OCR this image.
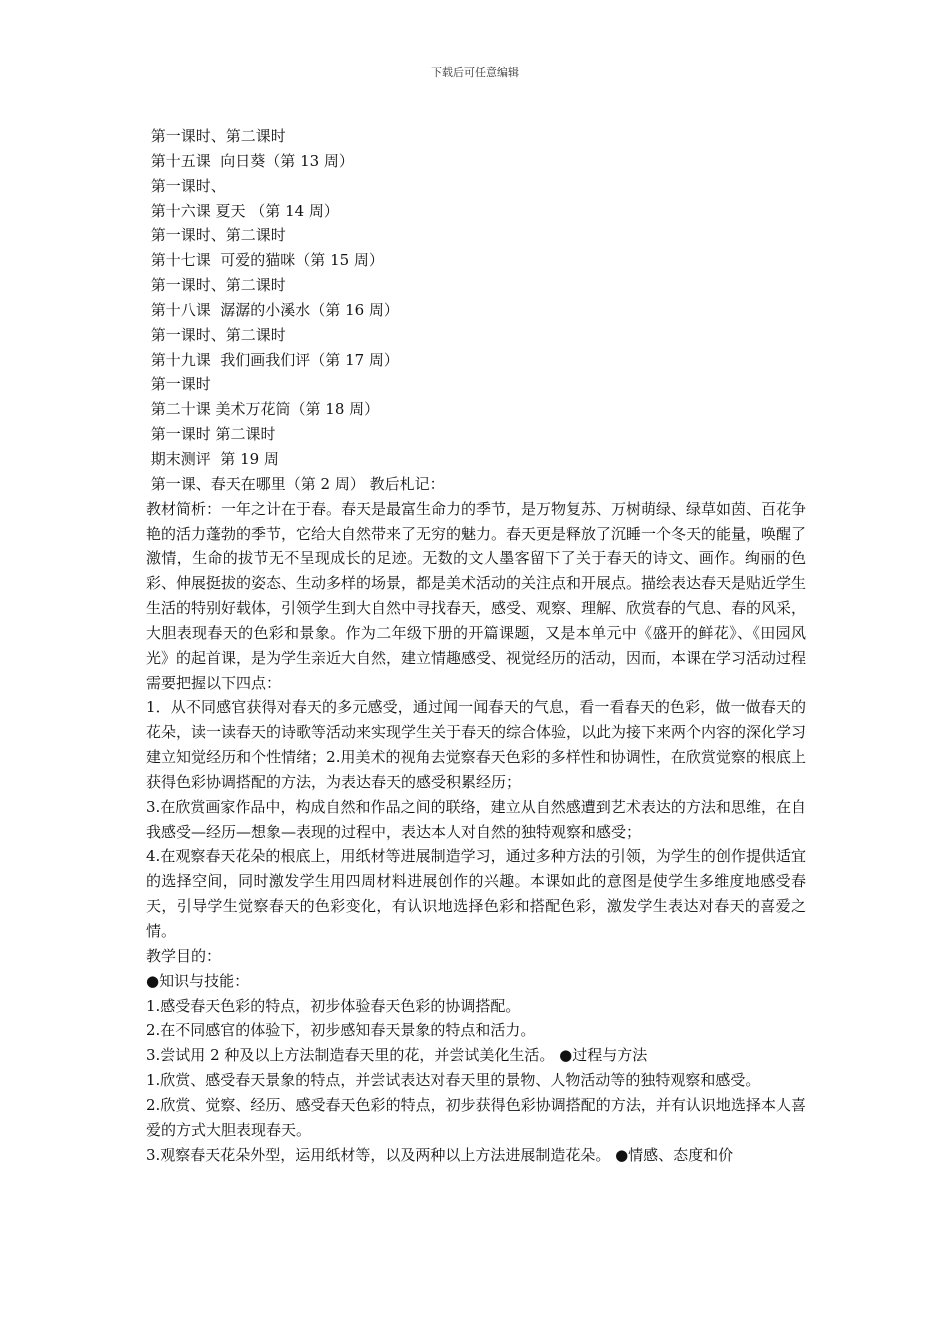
下载后可任意编辑
第一课时、第二课时
第十五课  向日葵（第 13 周）
第一课时、
第十六课 夏天 （第 14 周）
第一课时、第二课时
第十七课  可爱的猫咪（第 15 周）
第一课时、第二课时
第十八课  潺潺的小溪水（第 16 周）
第一课时、第二课时
第十九课  我们画我们评（第 17 周）
第一课时
第二十课 美术万花筒（第 18 周）
第一课时 第二课时
期末测评  第 19 周
第一课、春天在哪里（第 2 周） 教后札记：

教材简析：一年之计在于春。春天是最富生命力的季节，是万物复苏、万树萌绿、绿草如茵、百花争艳的活力蓬勃的季节，它给大自然带来了无穷的魅力。春天更是释放了沉睡一个冬天的能量，唤醒了激情，生命的拔节无不呈现成长的足迹。无数的文人墨客留下了关于春天的诗文、画作。绚丽的色彩、伸展挺拔的姿态、生动多样的场景，都是美术活动的关注点和开展点。描绘表达春天是贴近学生生活的特别好载体，引领学生到大自然中寻找春天，感受、观察、理解、欣赏春的气息、春的风采，大胆表现春天的色彩和景象。作为二年级下册的开篇课题，又是本单元中《盛开的鲜花》、《田园风光》的起首课，是为学生亲近大自然，建立情趣感受、视觉经历的活动，因而，本课在学习活动过程需要把握以下四点：

1．从不同感官获得对春天的多元感受，通过闻一闻春天的气息，看一看春天的色彩，做一做春天的花朵，读一读春天的诗歌等活动来实现学生关于春天的综合体验，以此为接下来两个内容的深化学习建立知觉经历和个性情绪；2.用美术的视角去觉察春天色彩的多样性和协调性，在欣赏觉察的根底上获得色彩协调搭配的方法，为表达春天的感受积累经历；

3.在欣赏画家作品中，构成自然和作品之间的联络，建立从自然感遭到艺术表达的方法和思维，在自我感受—经历—想象—表现的过程中，表达本人对自然的独特观察和感受；

4.在观察春天花朵的根底上，用纸材等进展制造学习，通过多种方法的引领，为学生的创作提供适宜的选择空间，同时激发学生用四周材料进展创作的兴趣。本课如此的意图是使学生多维度地感受春天，引导学生觉察春天的色彩变化，有认识地选择色彩和搭配色彩，激发学生表达对春天的喜爱之情。

教学目的：

●知识与技能：

1.感受春天色彩的特点，初步体验春天色彩的协调搭配。

2.在不同感官的体验下，初步感知春天景象的特点和活力。

3.尝试用 2 种及以上方法制造春天里的花，并尝试美化生活。 ●过程与方法

1.欣赏、感受春天景象的特点，并尝试表达对春天里的景物、人物活动等的独特观察和感受。

2.欣赏、觉察、经历、感受春天色彩的特点，初步获得色彩协调搭配的方法，并有认识地选择本人喜爱的方式大胆表现春天。

3.观察春天花朵外型，运用纸材等，以及两种以上方法进展制造花朵。 ●情感、态度和价
